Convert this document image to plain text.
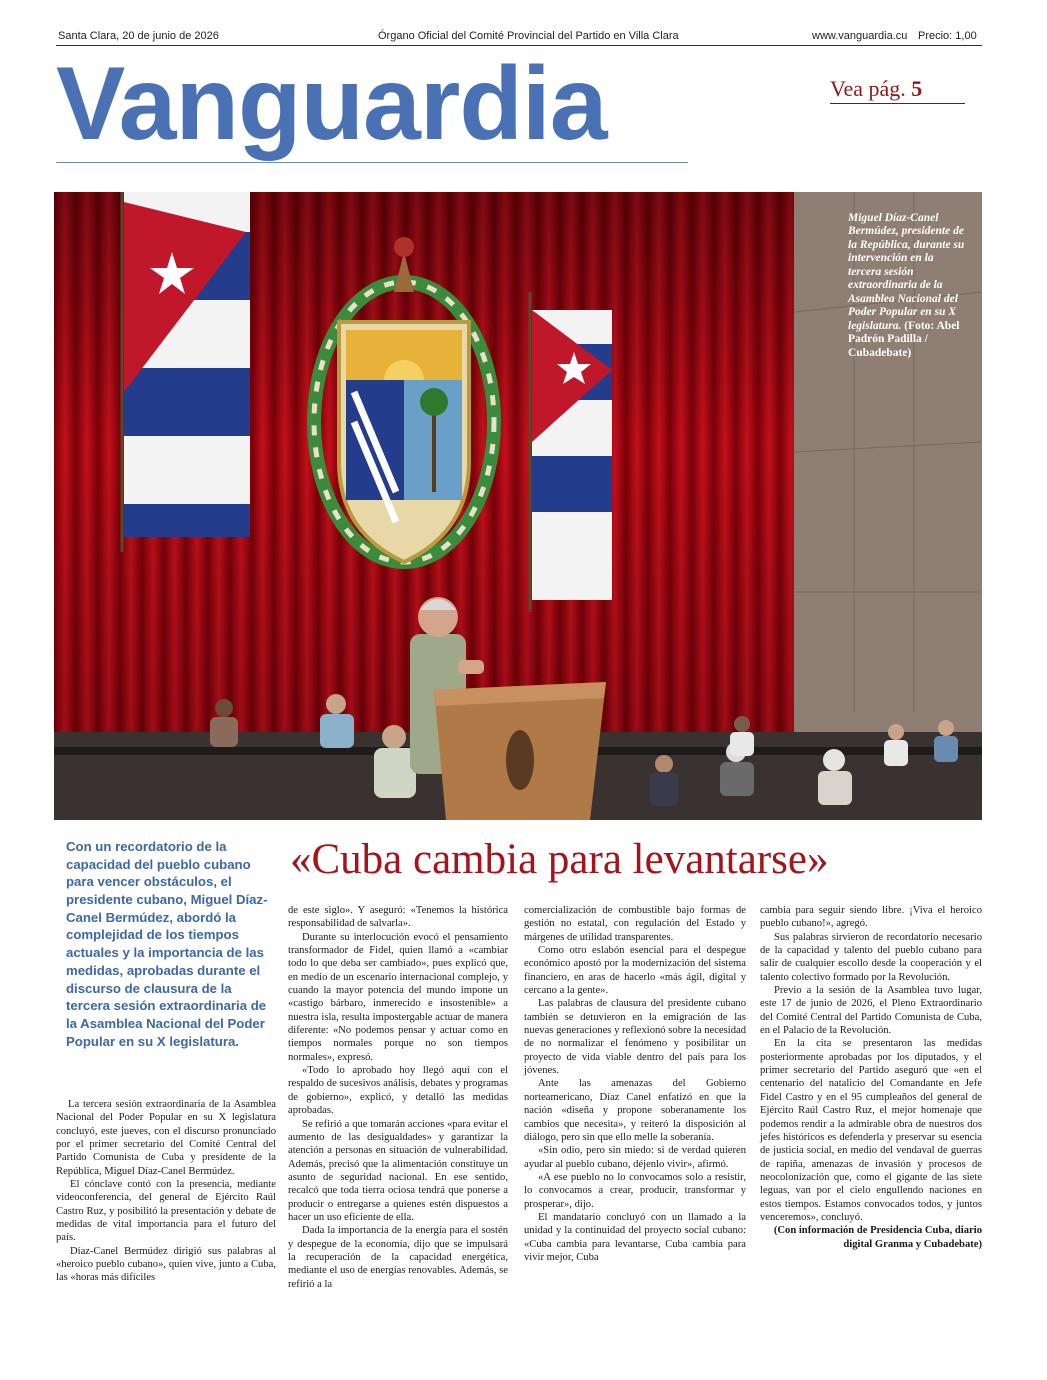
Santa Clara, 20 de junio de 2026	Órgano Oficial del Comité Provincial del Partido en Villa Clara	www.vanguardia.cu Precio: 1,00
Vanguardia	Vea pág. 5
Miguel Díaz-Canel Bermúdez, presidente de la República, durante su intervención en la tercera sesión extraordinaria de la Asamblea Nacional del Poder Popular en su X legislatura. (Foto: Abel Padrón Padilla / Cubadebate)
Con un recordatorio de la capacidad del pueblo cubano para vencer obstáculos, el presidente cubano, Miguel Díaz-Canel Bermúdez, abordó la complejidad de los tiempos actuales y la importancia de las medidas, aprobadas durante el discurso de clausura de la tercera sesión extraordinaria de la Asamblea Nacional del Poder Popular en su X legislatura.
«Cuba cambia para levantarse»

La tercera sesión extraordinaria de la Asamblea Nacional del Poder Popular en su X legislatura concluyó, este jueves, con el discurso pronunciado por el primer secretario del Comité Central del Partido Comunista de Cuba y presidente de la República, Miguel Díaz-Canel Bermúdez.

El cónclave contó con la presencia, mediante videoconferencia, del general de Ejército Raúl Castro Ruz, y posibilitó la presentación y debate de medidas de vital importancia para el futuro del país.

Díaz-Canel Bermúdez dirigió sus palabras al «heroico pueblo cubano», quien vive, junto a Cuba, las «horas más difíciles

de este siglo». Y aseguró: «Tenemos la histórica responsabilidad de salvarla».

Durante su interlocución evocó el pensamiento transformador de Fidel, quien llamó a «cambiar todo lo que deba ser cambiado», pues explicó que, en medio de un escenario internacional complejo, y cuando la mayor potencia del mundo impone un «castigo bárbaro, inmerecido e insostenible» a nuestra isla, resulta impostergable actuar de manera diferente: «No podemos pensar y actuar como en tiempos normales porque no son tiempos normales», expresó.

«Todo lo aprobado hoy llegó aquí con el respaldo de sucesivos análisis, debates y programas de gobierno», explicó, y detalló las medidas aprobadas.

Se refirió a que tomarán acciones «para evitar el aumento de las desigualdades» y garantizar la atención a personas en situación de vulnerabilidad. Además, precisó que la alimentación constituye un asunto de seguridad nacional. En ese sentido, recalcó que toda tierra ociosa tendrá que ponerse a producir o entregarse a quienes estén dispuestos a hacer un uso eficiente de ella.

Dada la importancia de la energía para el sostén y despegue de la economía, dijo que se impulsará la recuperación de la capacidad energética, mediante el uso de energías renovables. Además, se refirió a la

comercialización de combustible bajo formas de gestión no estatal, con regulación del Estado y márgenes de utilidad transparentes.

Como otro eslabón esencial para el despegue económico apostó por la modernización del sistema financiero, en aras de hacerlo «más ágil, digital y cercano a la gente».

Las palabras de clausura del presidente cubano también se detuvieron en la emigración de las nuevas generaciones y reflexionó sobre la necesidad de no normalizar el fenómeno y posibilitar un proyecto de vida viable dentro del país para los jóvenes.

Ante las amenazas del Gobierno norteamericano, Díaz Canel enfatizó en que la nación «diseña y propone soberanamente los cambios que necesita», y reiteró la disposición al diálogo, pero sin que ello melle la soberanía.

«Sin odio, pero sin miedo: si de verdad quieren ayudar al pueblo cubano, déjenlo vivir», afirmó.

«A ese pueblo no lo convocamos solo a resistir, lo convocamos a crear, producir, transformar y prosperar», dijo.

El mandatario concluyó con un llamado a la unidad y la continuidad del proyecto social cubano: «Cuba cambia para levantarse, Cuba cambia para vivir mejor, Cuba

cambia para seguir siendo libre. ¡Viva el heroico pueblo cubano!», agregó.

Sus palabras sirvieron de recordatorio necesario de la capacidad y talento del pueblo cubano para salir de cualquier escollo desde la cooperación y el talento colectivo formado por la Revolución.

Previo a la sesión de la Asamblea tuvo lugar, este 17 de junio de 2026, el Pleno Extraordinario del Comité Central del Partido Comunista de Cuba, en el Palacio de la Revolución.

En la cita se presentaron las medidas posteriormente aprobadas por los diputados, y el primer secretario del Partido aseguró que «en el centenario del natalicio del Comandante en Jefe Fidel Castro y en el 95 cumpleaños del general de Ejército Raúl Castro Ruz, el mejor homenaje que podemos rendir a la admirable obra de nuestros dos jefes históricos es defenderla y preservar su esencia de justicia social, en medio del vendaval de guerras de rapiña, amenazas de invasión y procesos de neocolonización que, como el gigante de las siete leguas, van por el cielo engullendo naciones en estos tiempos. Estamos convocados todos, y juntos venceremos», concluyó.

(Con información de Presidencia Cuba, diario digital Granma y Cubadebate)
